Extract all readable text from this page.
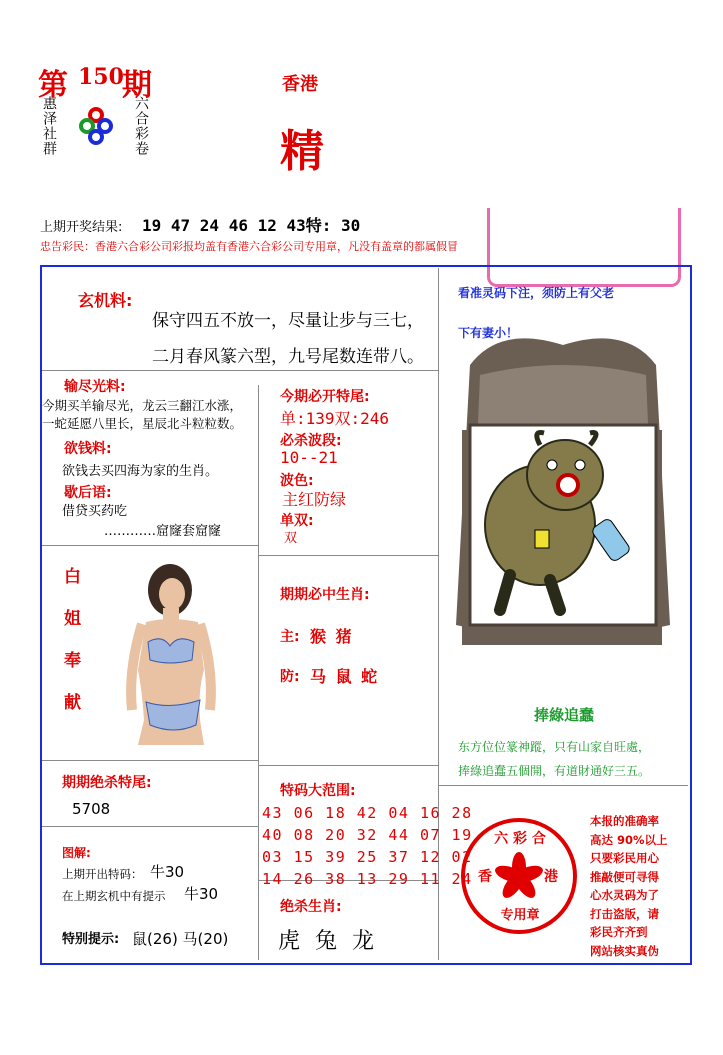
第 150
期
惠泽社群	六合彩卷
香港
精
上期开奖结果: 19 47 24 46 12 43特: 30
忠告彩民：香港六合彩公司彩报均盖有香港六合彩公司专用章，凡没有盖章的都属假冒
玄机料:
保守四五不放一，尽量让步与三七，
二月春风篆六型，九号尾数连带八。
输尽光料:
今期买羊输尽光，龙云三翻江水涨，
一蛇延愿八里长，星辰北斗粒粒数。
欲钱料:
欲钱去买四海为家的生肖。
歇后语:
借贷买药吃
…………窟窿套窟窿
今期必开特尾:
单:139双:246
必杀波段:
10--21
波色:
主红防绿
单双:
双
白
姐
奉
献
期期必中生肖:
主: 猴 猪
防: 马 鼠 蛇
看准灵码下注，须防上有父老
下有妻小！
捧綠追蠢
东方位位篆神蹤，只有山家自旺處，
捧綠追蠢五個開，有道財通好三五。
期期绝杀特尾:
5708
特码大范围:
43 06 18 42 04 16 28
40 08 20 32 44 07 19
03 15 39 25 37 12 02
14 26 38 13 29 11 24
图解:
上期开出特码： 牛30
在上期玄机中有提示 牛30
特别提示: 鼠(26) 马(20)
绝杀生肖:
虎 兔 龙
六 彩 合
香	港
专用章
本报的准确率
高达 90%以上
只要彩民用心
推敲便可寻得
心水灵码为了
打击盗版，请
彩民齐齐到
网站核实真伪
